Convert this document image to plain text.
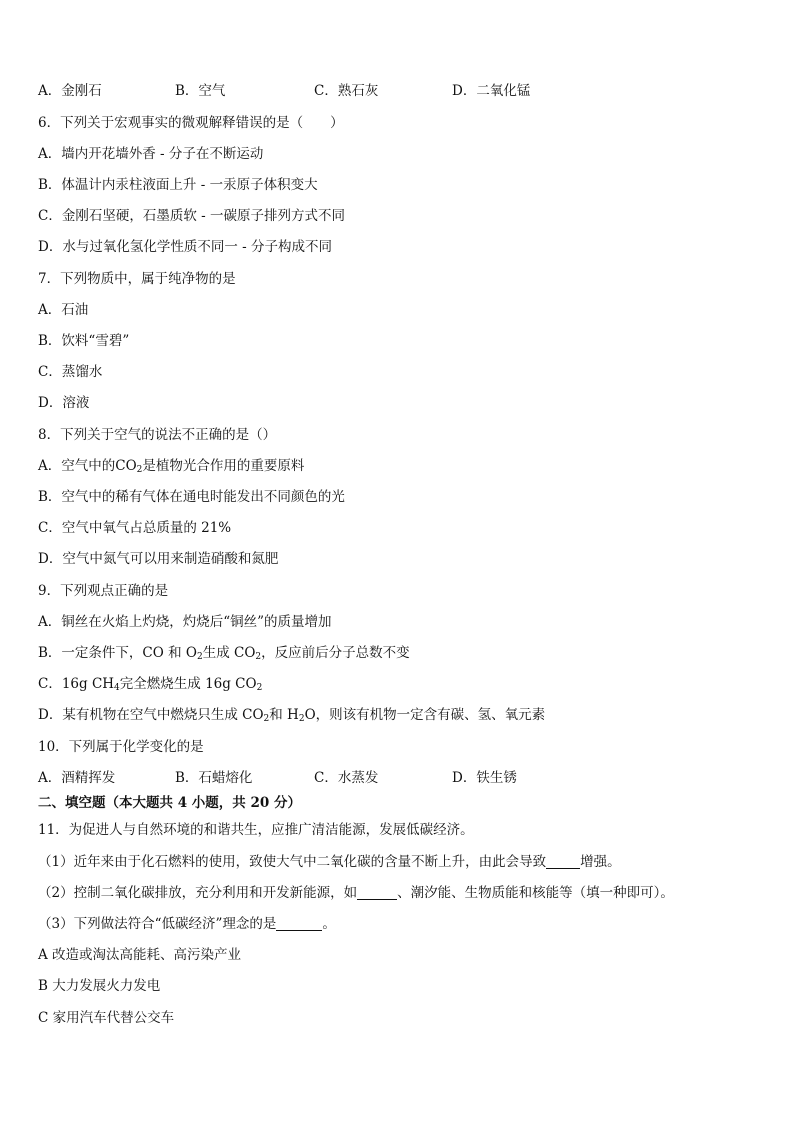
A．金刚石	B．空气	C．熟石灰	D．二氧化锰
6．下列关于宏观事实的微观解释错误的是（　　）
A．墙内开花墙外香 - 分子在不断运动
B．体温计内汞柱液面上升 - 一汞原子体积变大
C．金刚石坚硬，石墨质软 - 一碳原子排列方式不同
D．水与过氧化氢化学性质不同一 - 分子构成不同
7．下列物质中，属于纯净物的是
A．石油
B．饮料“雪碧”
C．蒸馏水
D．溶液
8．下列关于空气的说法不正确的是（）
A．空气中的$CO_2$是植物光合作用的重要原料
B．空气中的稀有气体在通电时能发出不同颜色的光
C．空气中氧气占总质量的 21%
D．空气中氮气可以用来制造硝酸和氮肥
9．下列观点正确的是
A．铜丝在火焰上灼烧，灼烧后“铜丝”的质量增加
B．一定条件下，CO 和 $O_2$生成 $CO_2$，反应前后分子总数不变
C．16g $CH_4$完全燃烧生成 16g $CO_2$
D．某有机物在空气中燃烧只生成 $CO_2$和 $H_2O$，则该有机物一定含有碳、氢、氧元素
10．下列属于化学变化的是
A．酒精挥发	B．石蜡熔化	C．水蒸发	D．铁生锈
二、填空题（本大题共 4 小题，共 20 分）
11．为促进人与自然环境的和谐共生，应推广清洁能源，发展低碳经济。
（1）近年来由于化石燃料的使用，致使大气中二氧化碳的含量不断上升，由此会导致	增强。
（2）控制二氧化碳排放，充分利用和开发新能源，如	、潮汐能、生物质能和核能等（填一种即可）。
（3）下列做法符合“低碳经济”理念的是	。
A 改造或淘汰高能耗、高污染产业
B 大力发展火力发电
C 家用汽车代替公交车
